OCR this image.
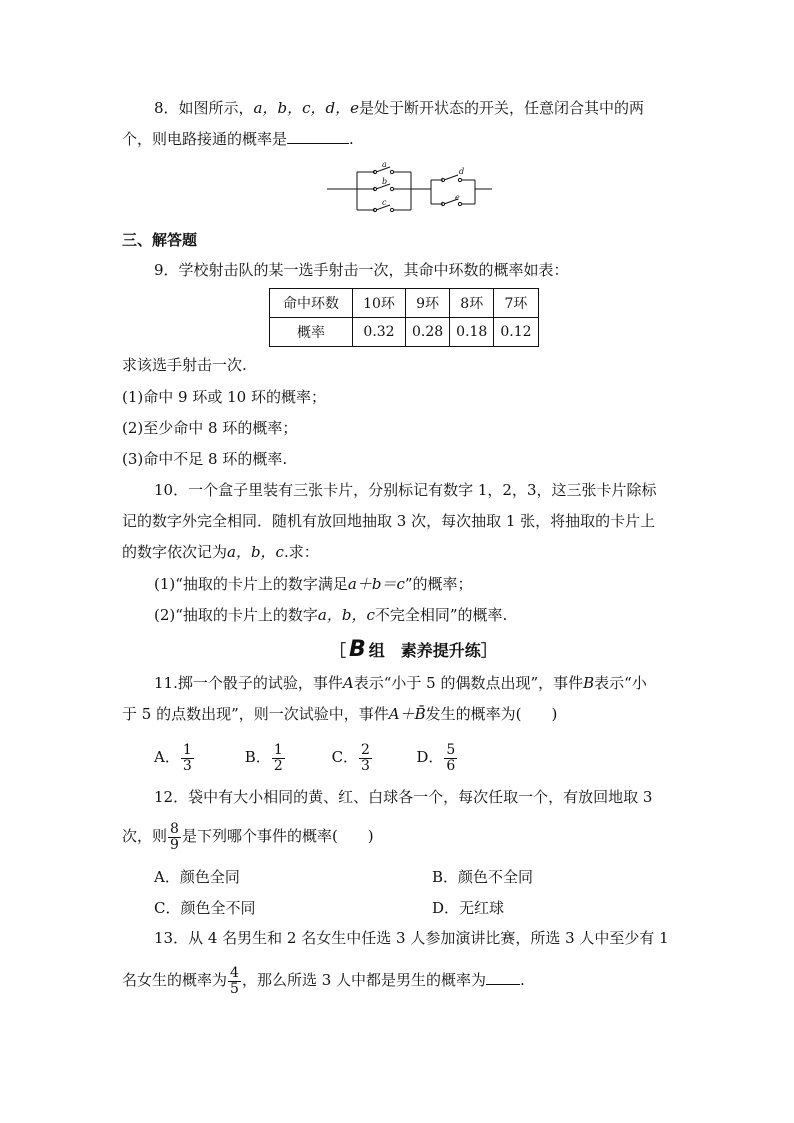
8．如图所示，a，b，c，d，e是处于断开状态的开关，任意闭合其中的两
个，则电路接通的概率是	.
a
b
c
d
e
三、解答题
9．学校射击队的某一选手射击一次，其命中环数的概率如表：
命中环数	10环	9环	8环	7环
概率	0.32	0.28	0.18	0.12
求该选手射击一次.
(1)命中 9 环或 10 环的概率；
(2)至少命中 8 环的概率；
(3)命中不足 8 环的概率.
10．一个盒子里装有三张卡片，分别标记有数字 1，2，3，这三张卡片除标
记的数字外完全相同．随机有放回地抽取 3 次，每次抽取 1 张，将抽取的卡片上
的数字依次记为a，b，c.求：
(1)“抽取的卡片上的数字满足a＋b＝c”的概率；
(2)“抽取的卡片上的数字a，b，c不完全相同”的概率.
［ B 组　素养提升练］
11.掷一个骰子的试验，事件A表示“小于 5 的偶数点出现”，事件B表示“小
于 5 的点数出现”，则一次试验中，事件A＋B̄发生的概率为(　　)
A． $\frac{1}{3}$	B． $\frac{1}{2}$	C． $\frac{2}{3}$	D． $\frac{5}{6}$
12．袋中有大小相同的黄、红、白球各一个，每次任取一个，有放回地取 3
次，则 $\frac{8}{9}$ 是下列哪个事件的概率(　　)
A．颜色全同	B．颜色不全同
C．颜色全不同	D．无红球
13．从 4 名男生和 2 名女生中任选 3 人参加演讲比赛，所选 3 人中至少有 1
名女生的概率为 $\frac{4}{5}$ ，那么所选 3 人中都是男生的概率为 .
